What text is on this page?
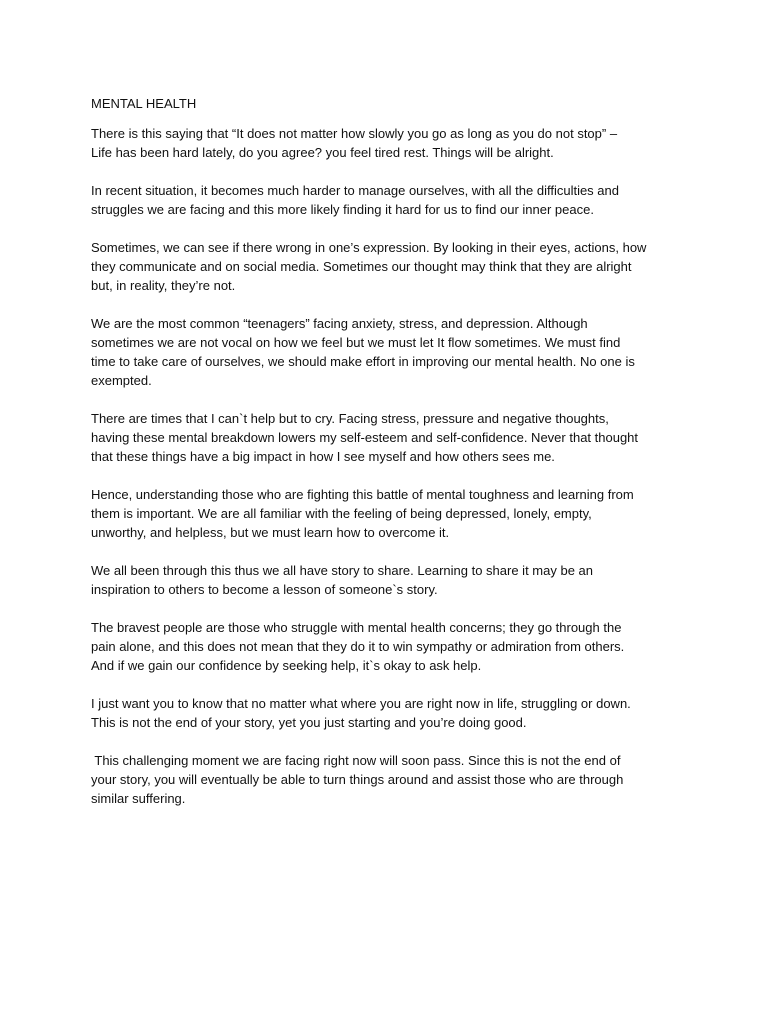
MENTAL HEALTH

There is this saying that “It does not matter how slowly you go as long as you do not stop” –
Life has been hard lately, do you agree? you feel tired rest. Things will be alright.

In recent situation, it becomes much harder to manage ourselves, with all the difficulties and
struggles we are facing and this more likely finding it hard for us to find our inner peace.

Sometimes, we can see if there wrong in one’s expression. By looking in their eyes, actions, how
they communicate and on social media. Sometimes our thought may think that they are alright
but, in reality, they’re not.

We are the most common “teenagers” facing anxiety, stress, and depression. Although
sometimes we are not vocal on how we feel but we must let It flow sometimes. We must find
time to take care of ourselves, we should make effort in improving our mental health. No one is
exempted.

There are times that I can`t help but to cry. Facing stress, pressure and negative thoughts,
having these mental breakdown lowers my self-esteem and self-confidence. Never that thought
that these things have a big impact in how I see myself and how others sees me.

Hence, understanding those who are fighting this battle of mental toughness and learning from
them is important. We are all familiar with the feeling of being depressed, lonely, empty,
unworthy, and helpless, but we must learn how to overcome it.

We all been through this thus we all have story to share. Learning to share it may be an
inspiration to others to become a lesson of someone`s story.

The bravest people are those who struggle with mental health concerns; they go through the
pain alone, and this does not mean that they do it to win sympathy or admiration from others.
And if we gain our confidence by seeking help, it`s okay to ask help.

I just want you to know that no matter what where you are right now in life, struggling or down.
This is not the end of your story, yet you just starting and you’re doing good.

This challenging moment we are facing right now will soon pass. Since this is not the end of
your story, you will eventually be able to turn things around and assist those who are through
similar suffering.
